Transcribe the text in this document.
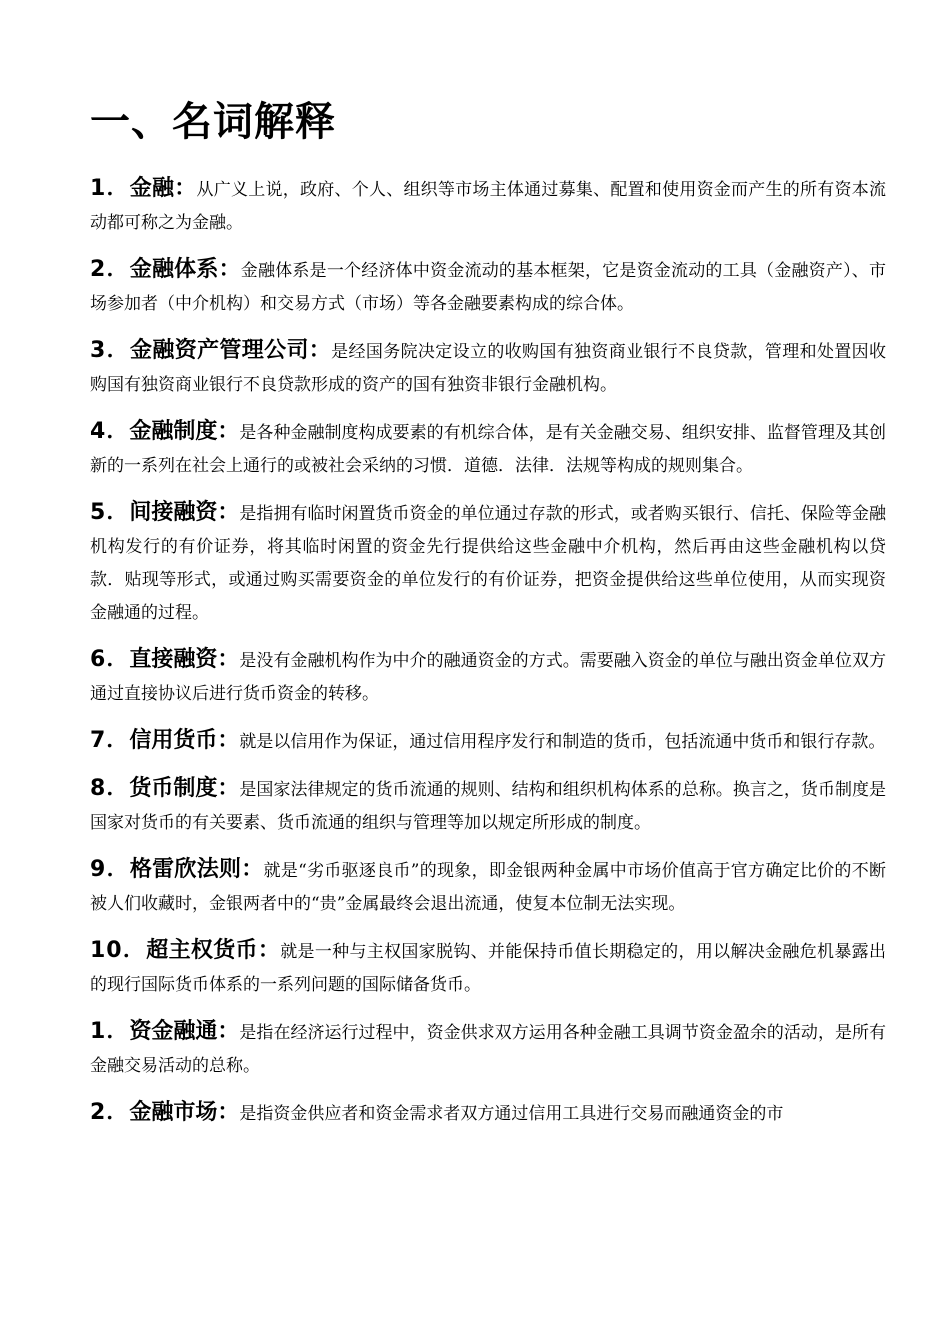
一、名词解释
1．金融：从广义上说，政府、个人、组织等市场主体通过募集、配置和使用资金而产生的所有资本流动都可称之为金融。
2．金融体系：金融体系是一个经济体中资金流动的基本框架，它是资金流动的工具（金融资产）、市场参加者（中介机构）和交易方式（市场）等各金融要素构成的综合体。
3．金融资产管理公司：是经国务院决定设立的收购国有独资商业银行不良贷款，管理和处置因收购国有独资商业银行不良贷款形成的资产的国有独资非银行金融机构。
4．金融制度：是各种金融制度构成要素的有机综合体，是有关金融交易、组织安排、监督管理及其创新的一系列在社会上通行的或被社会采纳的习惯．道德．法律．法规等构成的规则集合。
5．间接融资：是指拥有临时闲置货币资金的单位通过存款的形式，或者购买银行、信托、保险等金融机构发行的有价证券，将其临时闲置的资金先行提供给这些金融中介机构，然后再由这些金融机构以贷款．贴现等形式，或通过购买需要资金的单位发行的有价证券，把资金提供给这些单位使用，从而实现资金融通的过程。
6．直接融资：是没有金融机构作为中介的融通资金的方式。需要融入资金的单位与融出资金单位双方通过直接协议后进行货币资金的转移。
7．信用货币：就是以信用作为保证，通过信用程序发行和制造的货币，包括流通中货币和银行存款。
8．货币制度：是国家法律规定的货币流通的规则、结构和组织机构体系的总称。换言之，货币制度是国家对货币的有关要素、货币流通的组织与管理等加以规定所形成的制度。
9．格雷欣法则：就是“劣币驱逐良币”的现象，即金银两种金属中市场价值高于官方确定比价的不断被人们收藏时，金银两者中的“贵”金属最终会退出流通，使复本位制无法实现。
10．超主权货币：就是一种与主权国家脱钩、并能保持币值长期稳定的，用以解决金融危机暴露出的现行国际货币体系的一系列问题的国际储备货币。
1．资金融通：是指在经济运行过程中，资金供求双方运用各种金融工具调节资金盈余的活动，是所有金融交易活动的总称。
2．金融市场：是指资金供应者和资金需求者双方通过信用工具进行交易而融通资金的市
